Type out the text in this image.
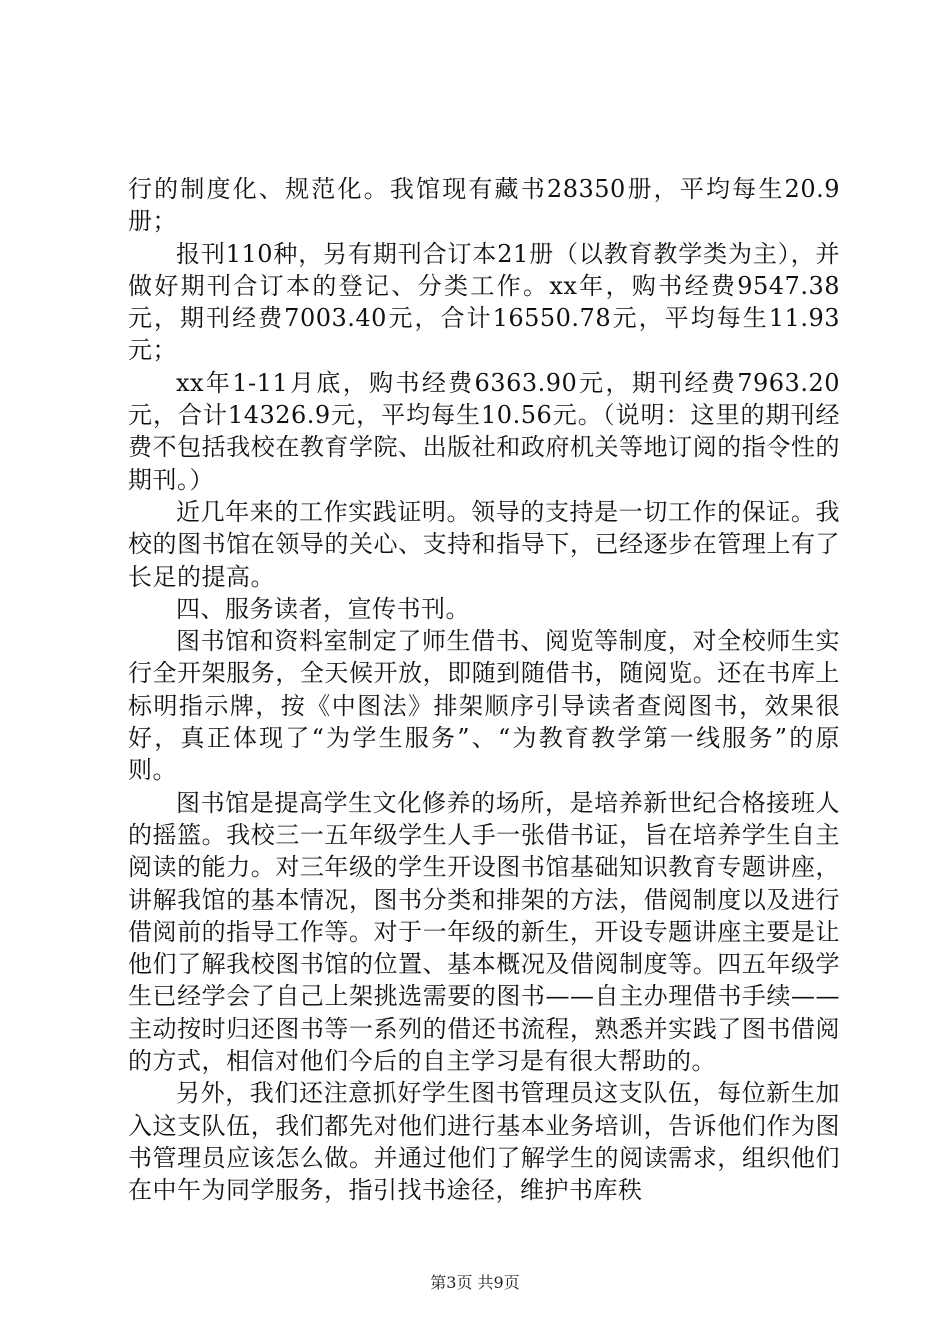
行的制度化、规范化。我馆现有藏书28350册，平均每生20.9册；

报刊110种，另有期刊合订本21册（以教育教学类为主），并做好期刊合订本的登记、分类工作。xx年，购书经费9547.38元，期刊经费7003.40元，合计16550.78元，平均每生11.93元；

xx年1-11月底，购书经费6363.90元，期刊经费7963.20元，合计14326.9元，平均每生10.56元。（说明：这里的期刊经费不包括我校在教育学院、出版社和政府机关等地订阅的指令性的期刊。）

近几年来的工作实践证明。领导的支持是一切工作的保证。我校的图书馆在领导的关心、支持和指导下，已经逐步在管理上有了长足的提高。

四、服务读者，宣传书刊。

图书馆和资料室制定了师生借书、阅览等制度，对全校师生实行全开架服务，全天候开放，即随到随借书，随阅览。还在书库上标明指示牌，按《中图法》排架顺序引导读者查阅图书，效果很好，真正体现了“为学生服务”、“为教育教学第一线服务”的原则。

图书馆是提高学生文化修养的场所，是培养新世纪合格接班人的摇篮。我校三一五年级学生人手一张借书证，旨在培养学生自主阅读的能力。对三年级的学生开设图书馆基础知识教育专题讲座，讲解我馆的基本情况，图书分类和排架的方法，借阅制度以及进行借阅前的指导工作等。对于一年级的新生，开设专题讲座主要是让他们了解我校图书馆的位置、基本概况及借阅制度等。四五年级学生已经学会了自己上架挑选需要的图书——自主办理借书手续——主动按时归还图书等一系列的借还书流程，熟悉并实践了图书借阅的方式，相信对他们今后的自主学习是有很大帮助的。

另外，我们还注意抓好学生图书管理员这支队伍，每位新生加入这支队伍，我们都先对他们进行基本业务培训，告诉他们作为图书管理员应该怎么做。并通过他们了解学生的阅读需求，组织他们在中午为同学服务，指引找书途径，维护书库秩

第3页 共9页
